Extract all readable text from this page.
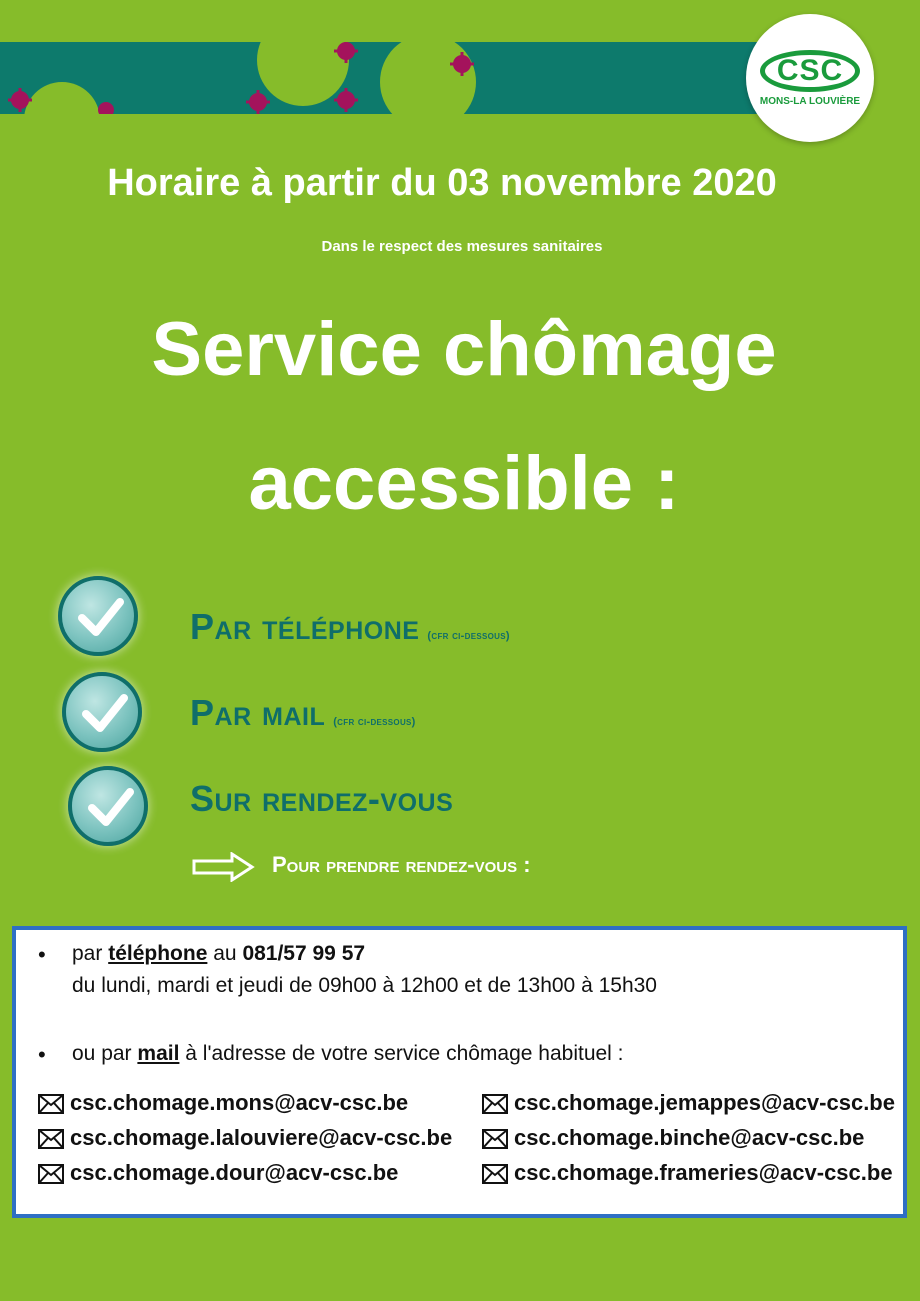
CSC
MONS-LA LOUVIÈRE
Horaire à partir du 03 novembre 2020
Dans le respect des mesures sanitaires
Service chômage
accessible :
Par téléphone (cfr ci-dessous)
Par mail (cfr ci-dessous)
Sur rendez-vous
Pour prendre rendez-vous :
• par téléphone au 081/57 99 57
du lundi, mardi et jeudi de 09h00 à 12h00 et de 13h00 à 15h30
• ou par mail à l'adresse de votre service chômage habituel :
csc.chomage.mons@acv-csc.be
csc.chomage.lalouviere@acv-csc.be
csc.chomage.dour@acv-csc.be
csc.chomage.jemappes@acv-csc.be
csc.chomage.binche@acv-csc.be
csc.chomage.frameries@acv-csc.be
